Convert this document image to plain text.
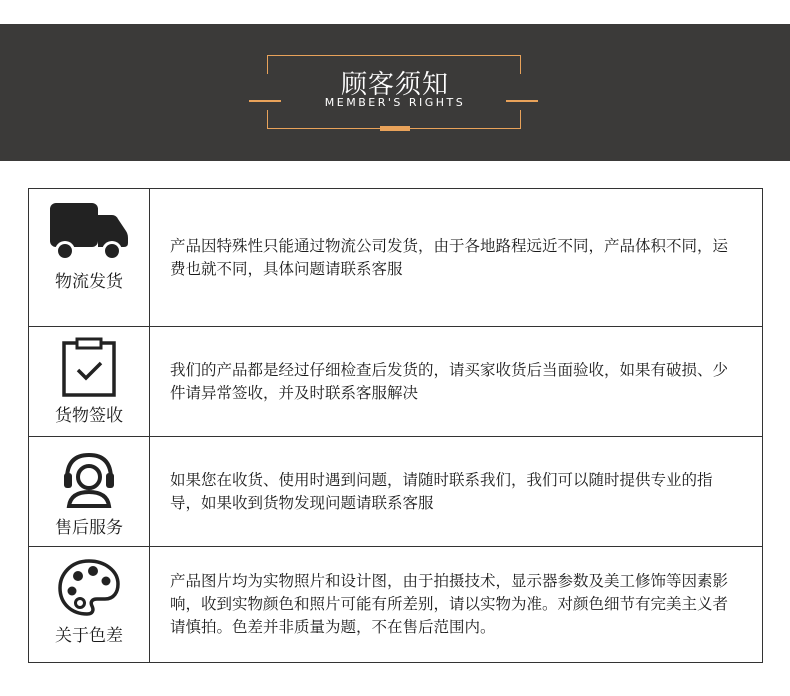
顾客须知
MEMBER'S RIGHTS
物流发货	产品因特殊性只能通过物流公司发货，由于各地路程远近不同，产品体积不同，运费也就不同，具体问题请联系客服

货物签收	我们的产品都是经过仔细检查后发货的，请买家收货后当面验收，如果有破损、少件请异常签收，并及时联系客服解决

售后服务	如果您在收货、使用时遇到问题，请随时联系我们，我们可以随时提供专业的指导，如果收到货物发现问题请联系客服

关于色差	产品图片均为实物照片和设计图，由于拍摄技术，显示器参数及美工修饰等因素影响，收到实物颜色和照片可能有所差别，请以实物为准。对颜色细节有完美主义者请慎拍。色差并非质量为题，不在售后范围内。
